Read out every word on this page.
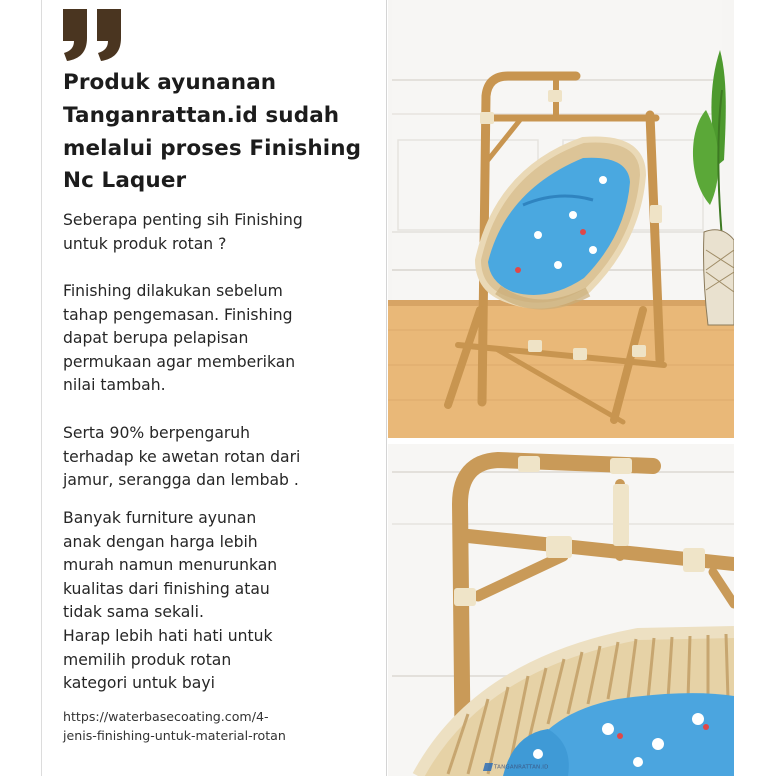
Produk ayunanan
Tanganrattan.id sudah
melalui proses Finishing
Nc Laquer
Seberapa penting sih Finishing
untuk produk rotan ?
Finishing dilakukan sebelum
tahap pengemasan. Finishing
dapat berupa pelapisan
permukaan agar memberikan
nilai tambah.
Serta 90% berpengaruh
terhadap ke awetan rotan dari
jamur, serangga dan lembab .
Banyak furniture ayunan
anak dengan harga lebih
murah namun menurunkan
kualitas dari finishing atau
tidak sama sekali.
Harap lebih hati hati untuk
memilih produk rotan
kategori untuk bayi
https://waterbasecoating.com/4-
jenis-finishing-untuk-material-rotan
TANGANRATTAN.ID
